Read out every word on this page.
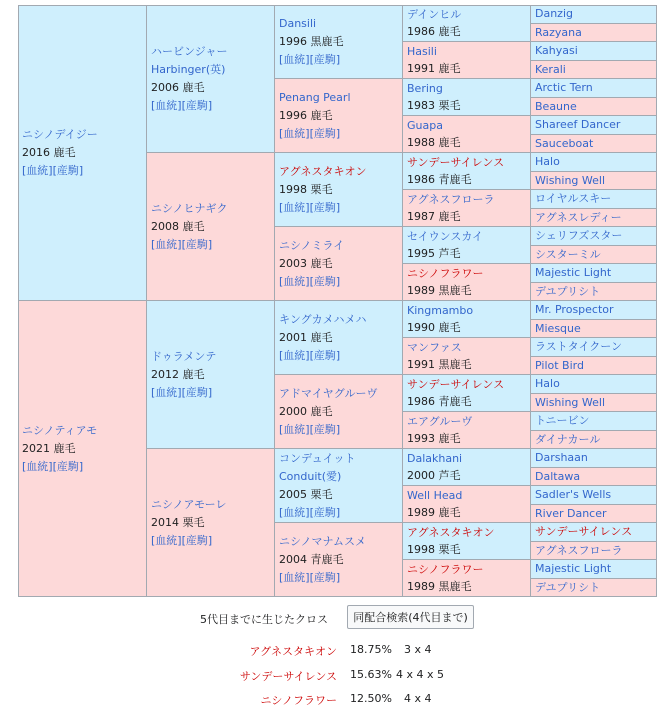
ニシノデイジー
2016 鹿毛
[血統][産駒]
ニシノティアモ
2021 鹿毛
[血統][産駒]
ハービンジャー
Harbinger(英)
2006 鹿毛
[血統][産駒]
ニシノヒナギク
2008 鹿毛
[血統][産駒]
ドゥラメンテ
2012 鹿毛
[血統][産駒]
ニシノアモーレ
2014 栗毛
[血統][産駒]
Dansili
1996 黒鹿毛
[血統][産駒]
Penang Pearl
1996 鹿毛
[血統][産駒]
アグネスタキオン
1998 栗毛
[血統][産駒]
ニシノミライ
2003 鹿毛
[血統][産駒]
キングカメハメハ
2001 鹿毛
[血統][産駒]
アドマイヤグルーヴ
2000 鹿毛
[血統][産駒]
コンデュイット
Conduit(愛)
2005 栗毛
[血統][産駒]
ニシノマナムスメ
2004 青鹿毛
[血統][産駒]
デインヒル
1986 鹿毛
Hasili
1991 鹿毛
Bering
1983 栗毛
Guapa
1988 鹿毛
サンデーサイレンス
1986 青鹿毛
アグネスフローラ
1987 鹿毛
セイウンスカイ
1995 芦毛
ニシノフラワー
1989 黒鹿毛
Kingmambo
1990 鹿毛
マンファス
1991 黒鹿毛
サンデーサイレンス
1986 青鹿毛
エアグルーヴ
1993 鹿毛
Dalakhani
2000 芦毛
Well Head
1989 鹿毛
アグネスタキオン
1998 栗毛
ニシノフラワー
1989 黒鹿毛
Danzig
Razyana
Kahyasi
Kerali
Arctic Tern
Beaune
Shareef Dancer
Sauceboat
Halo
Wishing Well
ロイヤルスキー
アグネスレディー
シェリフズスター
シスターミル
Majestic Light
デユプリシト
Mr. Prospector
Miesque
ラストタイクーン
Pilot Bird
Halo
Wishing Well
トニービン
ダイナカール
Darshaan
Daltawa
Sadler's Wells
River Dancer
サンデーサイレンス
アグネスフローラ
Majestic Light
デユプリシト
5代目までに生じたクロス	同配合検索(4代目まで)
アグネスタキオン 18.75% 3 x 4
サンデーサイレンス 15.63% 4 x 4 x 5
ニシノフラワー 12.50% 4 x 4
